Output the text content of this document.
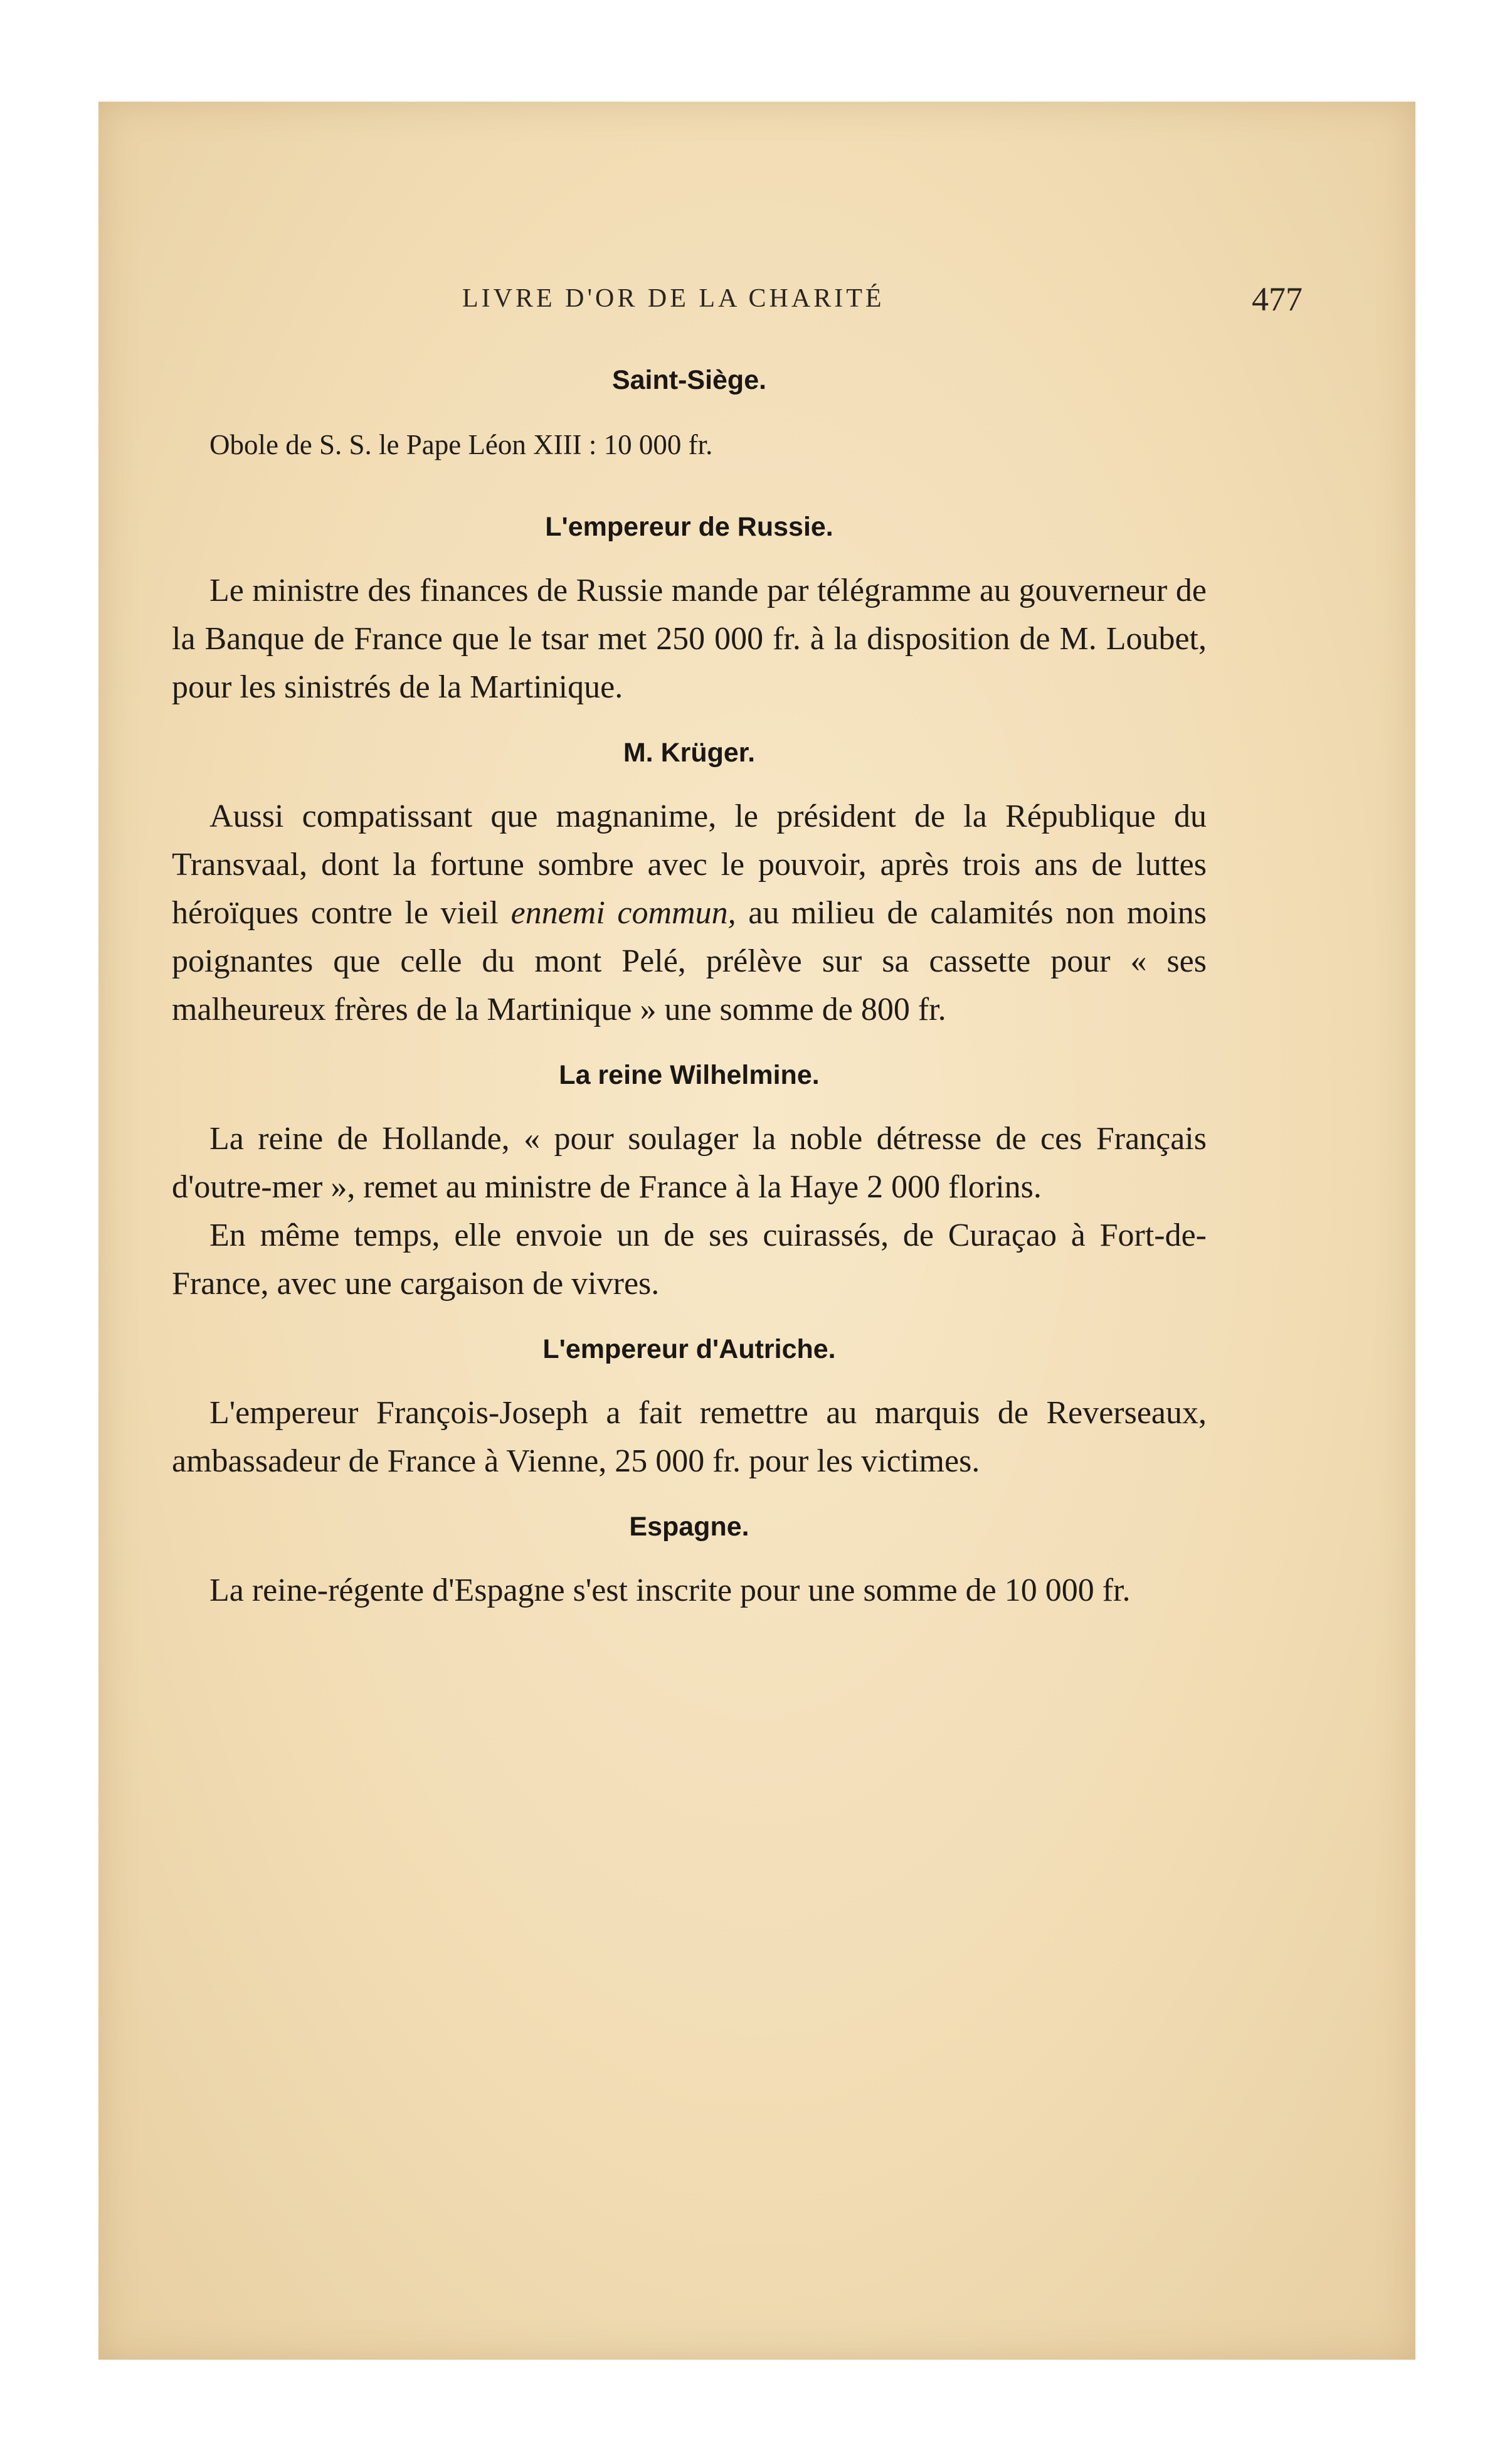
LIVRE D'OR DE LA CHARITÉ	477

Saint-Siège.

Obole de S. S. le Pape Léon XIII : 10 000 fr.

L'empereur de Russie.

Le ministre des finances de Russie mande par télégramme au gouverneur de la Banque de France que le tsar met 250 000 fr. à la disposition de M. Loubet, pour les sinistrés de la Martinique.

M. Krüger.

Aussi compatissant que magnanime, le président de la République du Transvaal, dont la fortune sombre avec le pouvoir, après trois ans de luttes héroïques contre le vieil ennemi commun, au milieu de calamités non moins poignantes que celle du mont Pelé, prélève sur sa cassette pour « ses malheureux frères de la Martinique » une somme de 800 fr.

La reine Wilhelmine.

La reine de Hollande, « pour soulager la noble détresse de ces Français d'outre-mer », remet au ministre de France à la Haye 2 000 florins.

En même temps, elle envoie un de ses cuirassés, de Curaçao à Fort-de-France, avec une cargaison de vivres.

L'empereur d'Autriche.

L'empereur François-Joseph a fait remettre au marquis de Reverseaux, ambassadeur de France à Vienne, 25 000 fr. pour les victimes.

Espagne.

La reine-régente d'Espagne s'est inscrite pour une somme de 10 000 fr.
